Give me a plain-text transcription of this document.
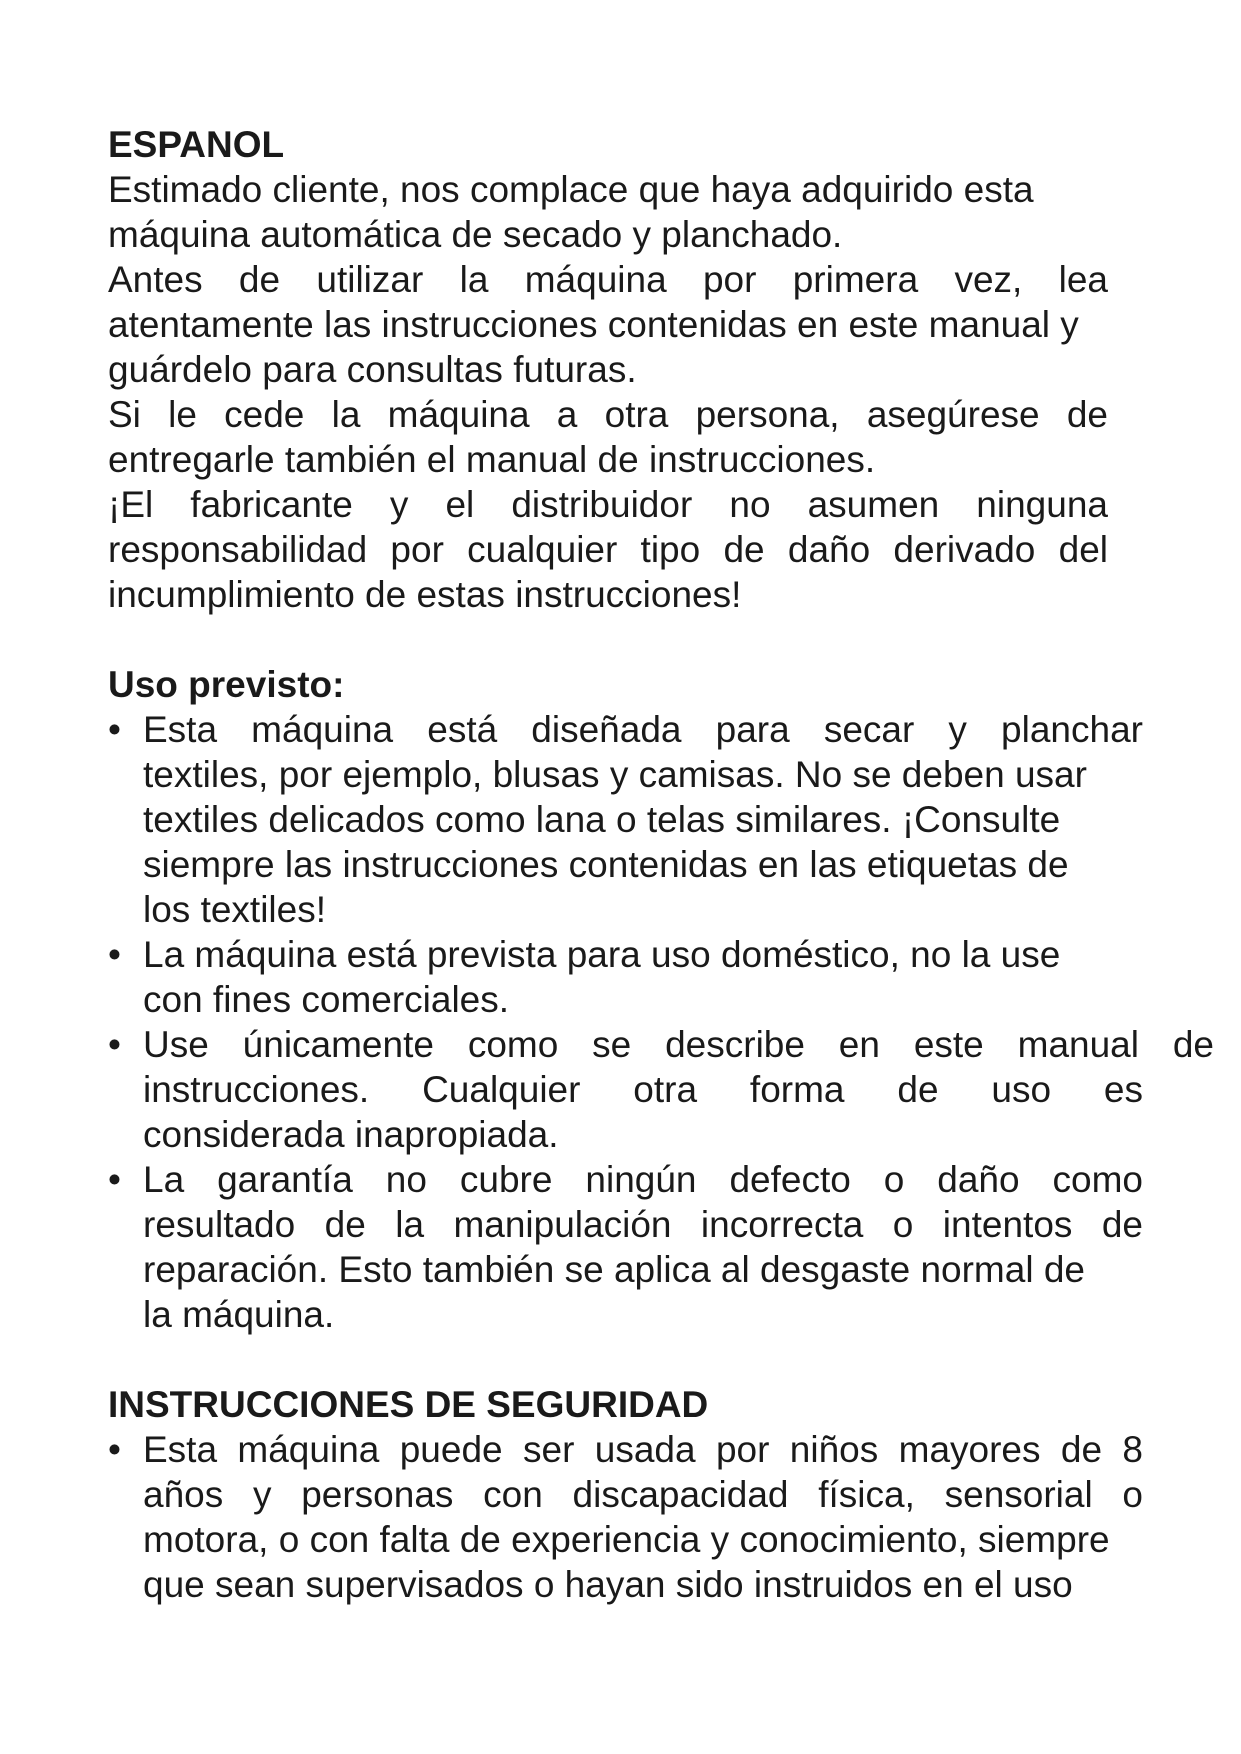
ESPANOL
Estimado cliente, nos complace que haya adquirido esta
máquina automática de secado y planchado.
Antes de utilizar la máquina por primera vez, lea
atentamente las instrucciones contenidas en este manual y
guárdelo para consultas futuras.
Si le cede la máquina a otra persona, asegúrese de
entregarle también el manual de instrucciones.
¡El fabricante y el distribuidor no asumen ninguna
responsabilidad por cualquier tipo de daño derivado del
incumplimiento de estas instrucciones!
Uso previsto:
• Esta máquina está diseñada para secar y planchar
textiles, por ejemplo, blusas y camisas. No se deben usar
textiles delicados como lana o telas similares. ¡Consulte
siempre las instrucciones contenidas en las etiquetas de
los textiles!
• La máquina está prevista para uso doméstico, no la use
con fines comerciales.
• Use únicamente como se describe en este manual de
instrucciones. Cualquier otra forma de uso es
considerada inapropiada.
• La garantía no cubre ningún defecto o daño como
resultado de la manipulación incorrecta o intentos de
reparación. Esto también se aplica al desgaste normal de
la máquina.
INSTRUCCIONES DE SEGURIDAD
• Esta máquina puede ser usada por niños mayores de 8
años y personas con discapacidad física, sensorial o
motora, o con falta de experiencia y conocimiento, siempre
que sean supervisados o hayan sido instruidos en el uso
